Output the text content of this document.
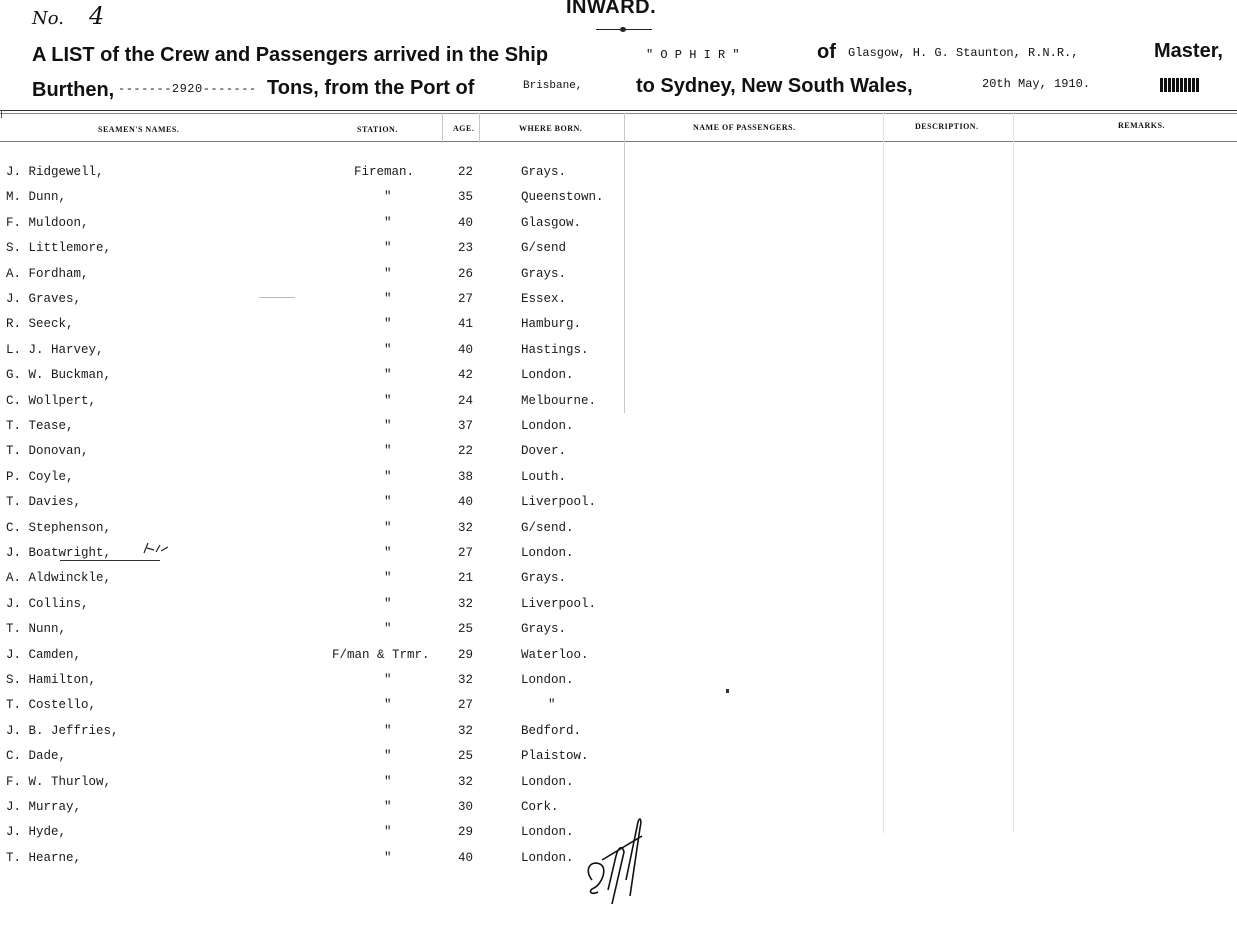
No. 4	INWARD.
A LIST of the Crew and Passengers arrived in the Ship	" O P H I R "	of Glasgow, H. G. Staunton, R.N.R.,	Master,
Burthen, -------2920------- Tons, from the Port of	Brisbane,	to Sydney, New South Wales,	20th May, 1910.
SEAMEN'S NAMES.	STATION.	AGE.	WHERE BORN.	NAME OF PASSENGERS.	DESCRIPTION.	REMARKS.
J. Ridgewell,	Fireman.	22	Grays.
M. Dunn,	"	35	Queenstown.
F. Muldoon,	"	40	Glasgow.
S. Littlemore,	"	23	G/send
A. Fordham,	"	26	Grays.
J. Graves,	"	27	Essex.
R. Seeck,	"	41	Hamburg.
L. J. Harvey,	"	40	Hastings.
G. W. Buckman,	"	42	London.
C. Wollpert,	"	24	Melbourne.
T. Tease,	"	37	London.
T. Donovan,	"	22	Dover.
P. Coyle,	"	38	Louth.
T. Davies,	"	40	Liverpool.
C. Stephenson,	"	32	G/send.
J. Boatwright,	"	27	London.
A. Aldwinckle,	"	21	Grays.
J. Collins,	"	32	Liverpool.
T. Nunn,	"	25	Grays.
J. Camden,	F/man & Trmr. 29	Waterloo.
S. Hamilton,	"	32	London.
T. Costello,	"	27	"
J. B. Jeffries,	"	32	Bedford.
C. Dade,	"	25	Plaistow.
F. W. Thurlow,	"	32	London.
J. Murray,	"	30	Cork.
J. Hyde,	"	29	London.
T. Hearne,	"	40	London.
